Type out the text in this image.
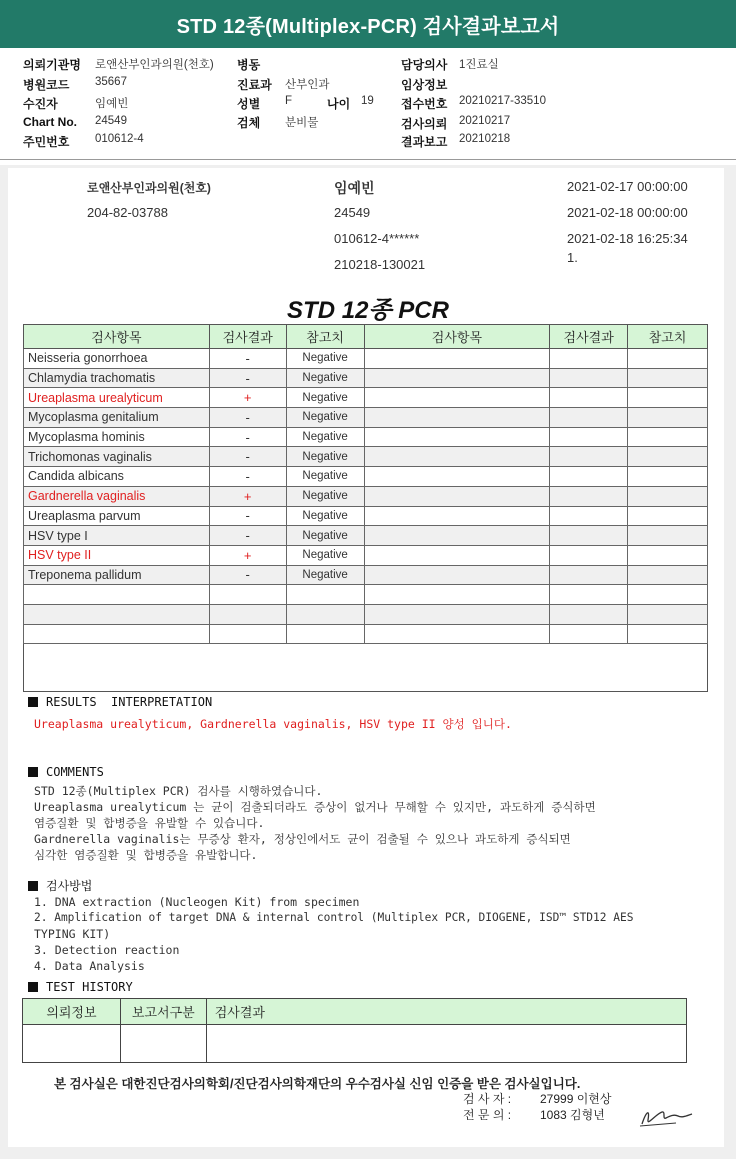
STD 12종(Multiplex-PCR) 검사결과보고서
의뢰기관명 로앤산부인과의원(천호)
병원코드 35667
수진자	임예빈
Chart No. 24549
주민번호 010612-4
병동
진료과 산부인과
성별 F	나이 19
검체 분비물
담당의사 1진료실
임상정보
접수번호 20210217-33510
검사의뢰 20210217
결과보고 20210218
로앤산부인과의원(천호)
204-82-03788
임예빈
24549
010612-4******
210218-130021
2021-02-17 00:00:00
2021-02-18 00:00:00
2021-02-18 16:25:34
1.
STD 12종 PCR
검사항목	검사결과	참고치	검사항목	검사결과	참고치
Neisseria gonorrhoea	-	Negative			
Chlamydia trachomatis	-	Negative			
Ureaplasma urealyticum	+	Negative			
Mycoplasma genitalium	-	Negative			
Mycoplasma hominis	-	Negative			
Trichomonas vaginalis	-	Negative			
Candida albicans	-	Negative			
Gardnerella vaginalis	+	Negative			
Ureaplasma parvum	-	Negative			
HSV type I	-	Negative			
HSV type II	+	Negative			
Treponema pallidum	-	Negative			

RESULTS  INTERPRETATION
Ureaplasma urealyticum, Gardnerella vaginalis, HSV type II 양성 입니다.
COMMENTS
STD 12종(Multiplex PCR) 검사를 시행하였습니다.
Ureaplasma urealyticum 는 균이 검출되더라도 증상이 없거나 무해할 수 있지만, 과도하게 증식하면
염증질환 및 합병증을 유발할 수 있습니다.
Gardnerella vaginalis는 무증상 환자, 정상인에서도 균이 검출될 수 있으나 과도하게 증식되면
심각한 염증질환 및 합병증을 유발합니다.
검사방법
1. DNA extraction (Nucleogen Kit) from specimen
2. Amplification of target DNA & internal control (Multiplex PCR, DIOGENE, ISD™ STD12 AES
TYPING KIT)
3. Detection reaction
4. Data Analysis
TEST HISTORY
의뢰정보	보고서구분	검사결과

본 검사실은 대한진단검사의학회/진단검사의학재단의 우수검사실 신임 인증을 받은 검사실입니다.
검 사 자 : 27999 이현상
전 문 의 : 1083 김형년
